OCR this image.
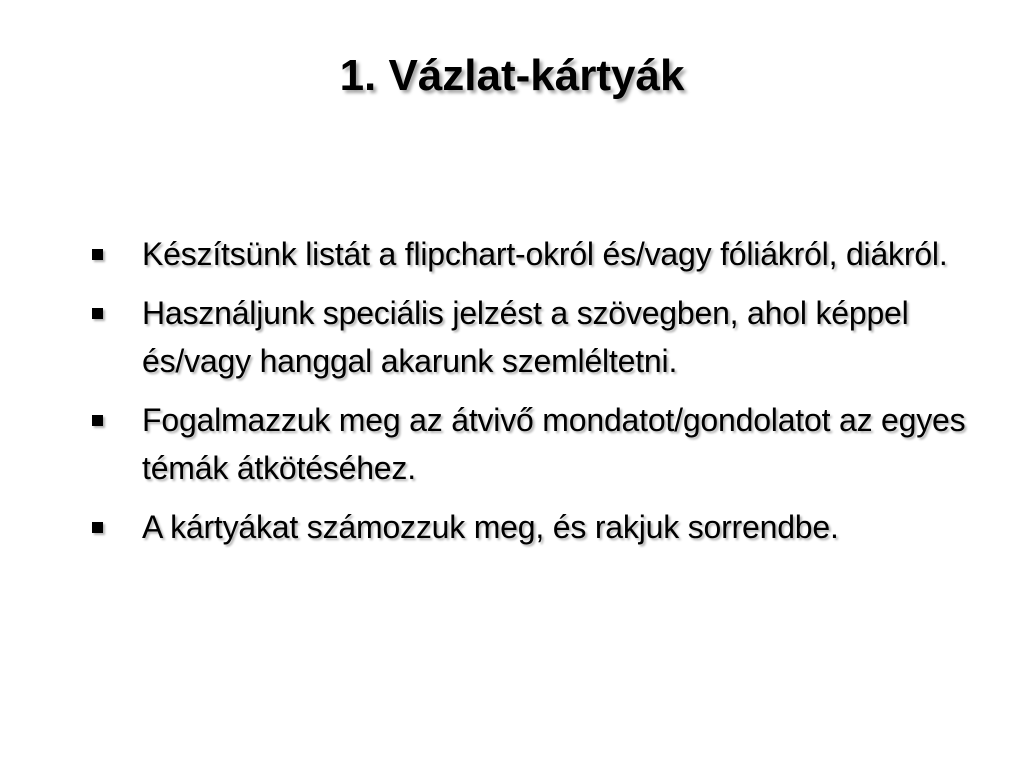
1. Vázlat-kártyák
Készítsünk listát a flipchart-okról és/vagy fóliákról, diákról.
Használjunk speciális jelzést a szövegben, ahol képpel és/vagy hanggal akarunk szemléltetni.
Fogalmazzuk meg az átvivő mondatot/gondolatot az egyes témák átkötéséhez.
A kártyákat számozzuk meg, és rakjuk sorrendbe.
